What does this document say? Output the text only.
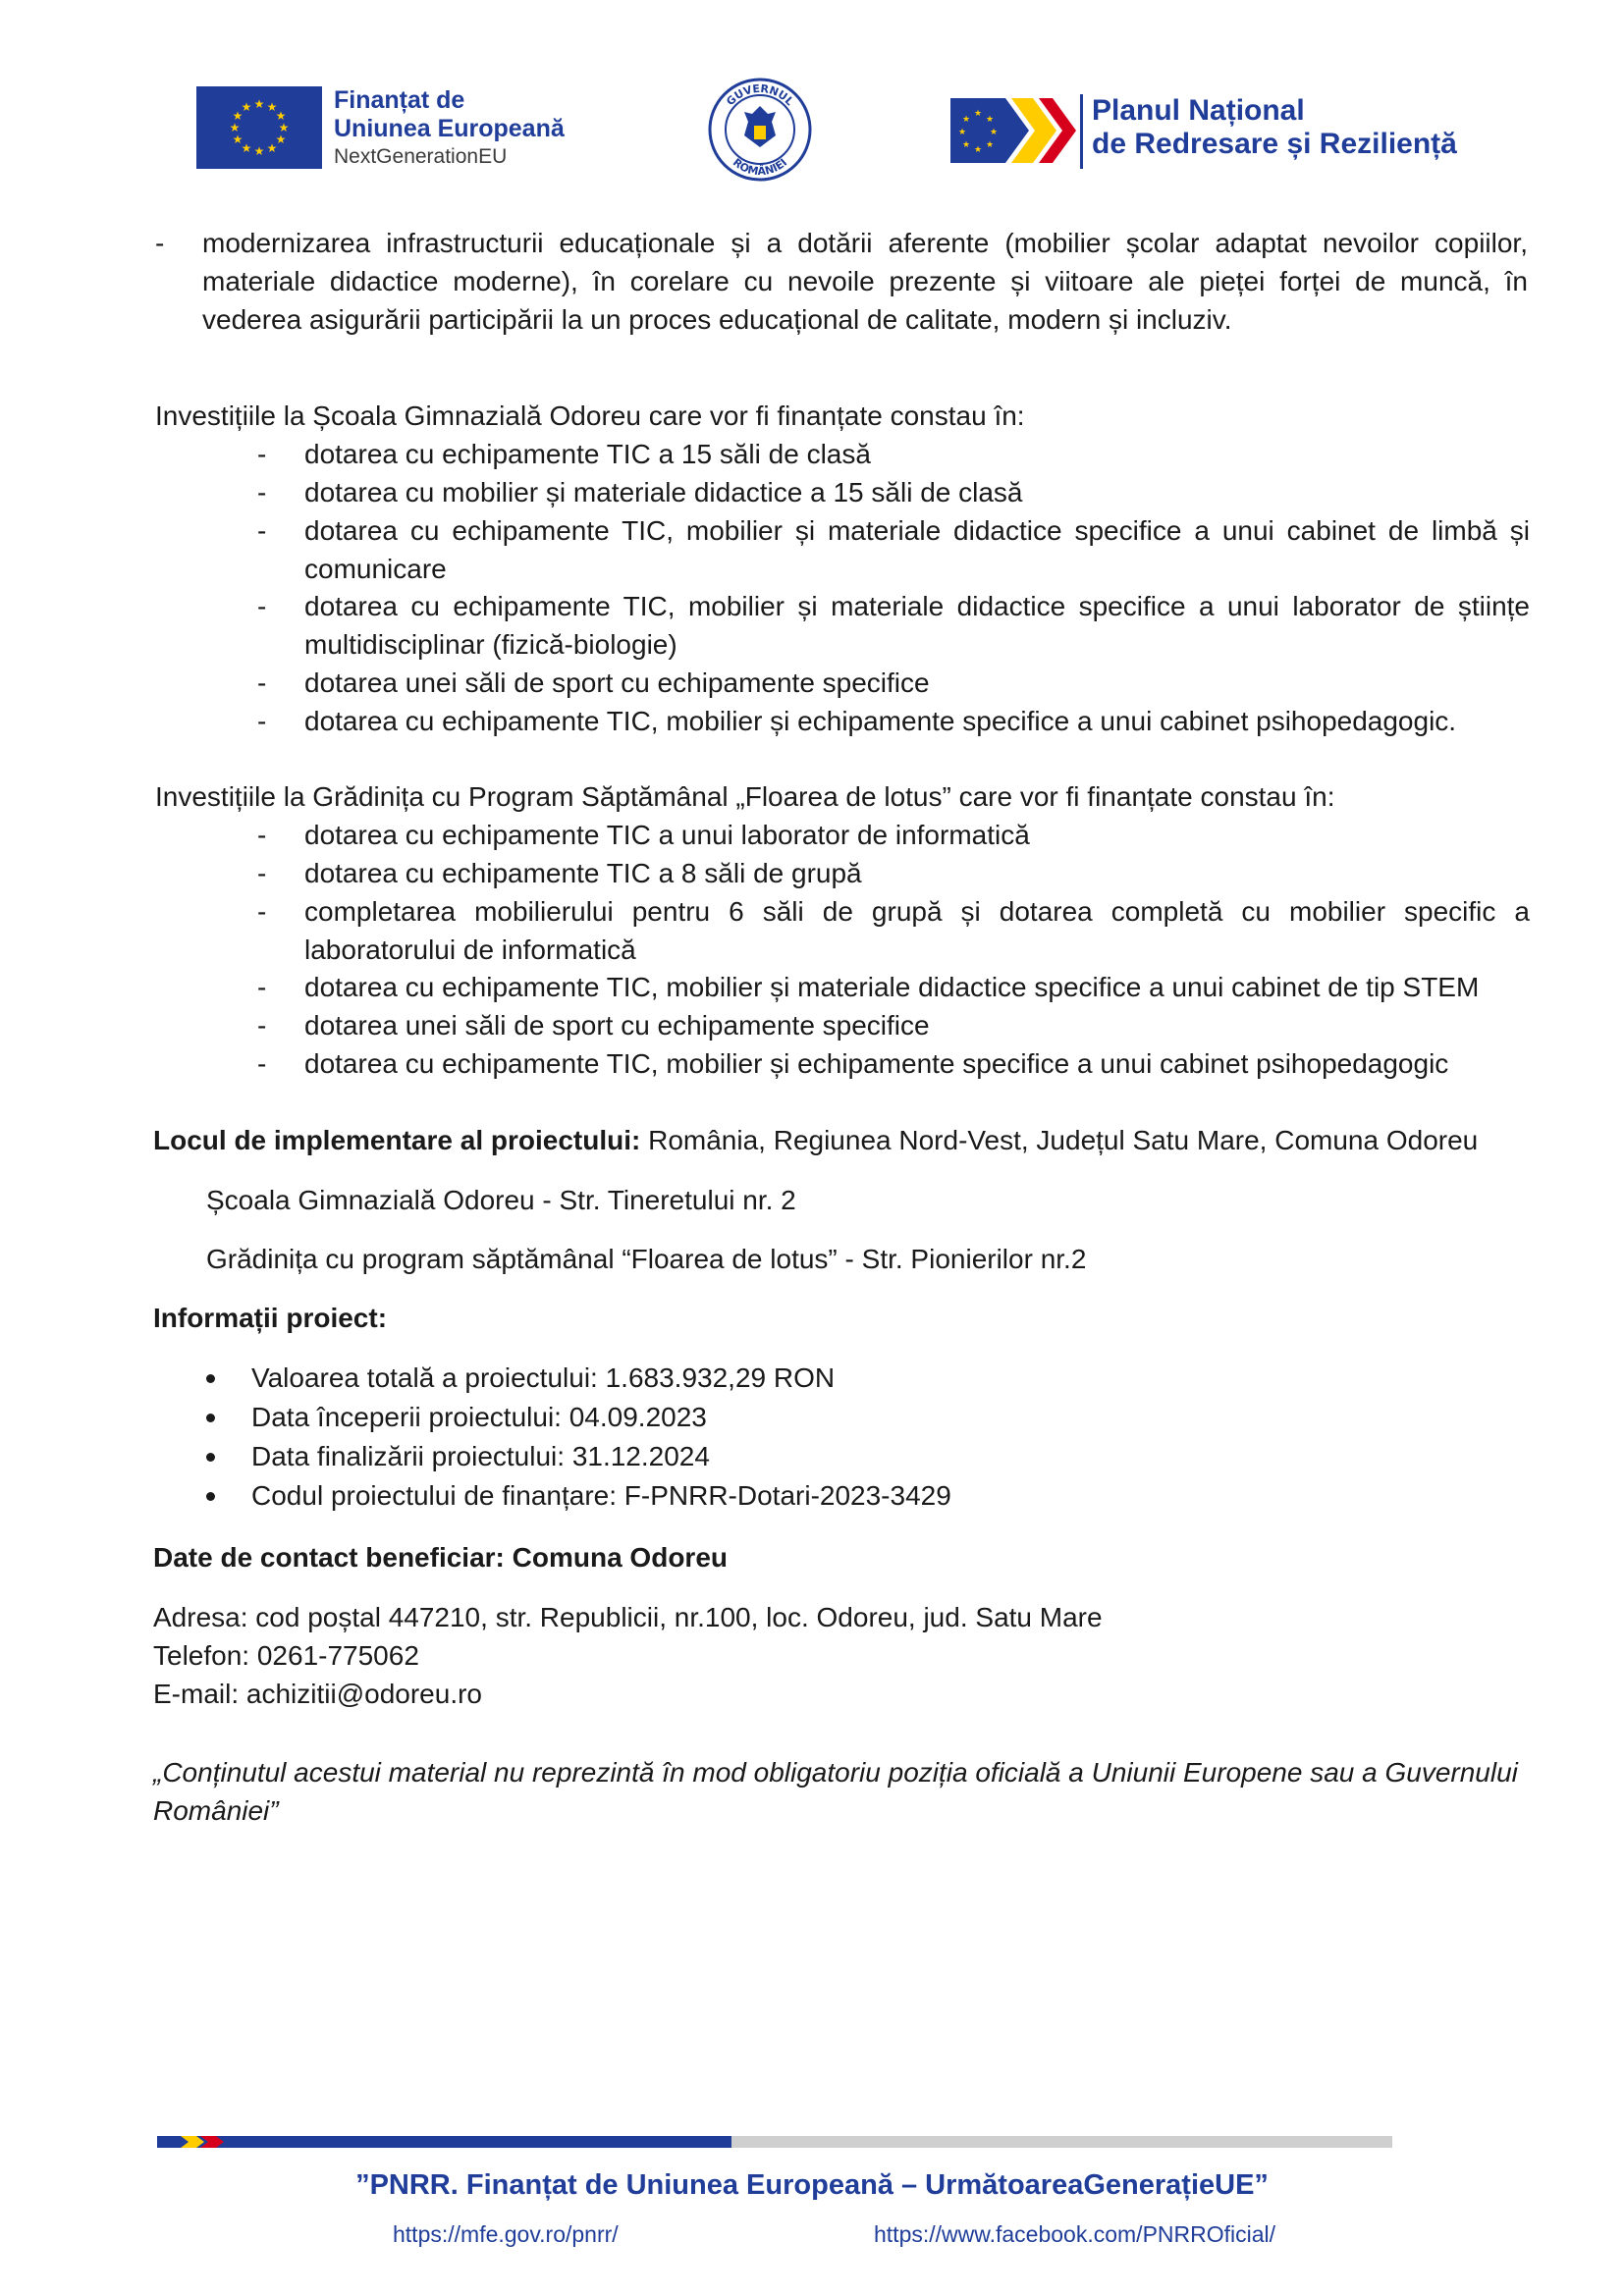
★ ★
★
★
★
★
★
★
★
★
★
★	Finanțat de
Uniunea Europeană
NextGenerationEU
GUVERNUL
ROMÂNIEI
★
★
★
★
★
★
★
★	Planul Național
de Redresare și Reziliență
- modernizarea infrastructurii educaționale și a dotării aferente (mobilier școlar adaptat nevoilor copiilor, materiale didactice moderne), în corelare cu nevoile prezente și viitoare ale pieței forței de muncă, în vederea asigurării participării la un proces educațional de calitate, modern și incluziv.
Investițiile la Școala Gimnazială Odoreu care vor fi finanțate constau în:
- dotarea cu echipamente TIC a 15 săli de clasă
- dotarea cu mobilier și materiale didactice a 15 săli de clasă
- dotarea cu echipamente TIC, mobilier și materiale didactice specifice a unui cabinet de limbă și comunicare
- dotarea cu echipamente TIC, mobilier și materiale didactice specifice a unui laborator de științe multidisciplinar (fizică-biologie)
- dotarea unei săli de sport cu echipamente specifice
- dotarea cu echipamente TIC, mobilier și echipamente specifice a unui cabinet psihopedagogic.
Investițiile la Grădinița cu Program Săptămânal „Floarea de lotus” care vor fi finanțate constau în:
- dotarea cu echipamente TIC a unui laborator de informatică
- dotarea cu echipamente TIC a 8 săli de grupă
- completarea mobilierului pentru 6 săli de grupă și dotarea completă cu mobilier specific a laboratorului de informatică
- dotarea cu echipamente TIC, mobilier și materiale didactice specifice a unui cabinet de tip STEM
- dotarea unei săli de sport cu echipamente specifice
- dotarea cu echipamente TIC, mobilier și echipamente specifice a unui cabinet psihopedagogic
Locul de implementare al proiectului: România, Regiunea Nord-Vest, Județul Satu Mare, Comuna Odoreu
Școala Gimnazială Odoreu - Str. Tineretului nr. 2
Grădinița cu program săptămânal “Floarea de lotus” - Str. Pionierilor nr.2
Informații proiect:
Valoarea totală a proiectului: 1.683.932,29 RON
Data începerii proiectului: 04.09.2023
Data finalizării proiectului: 31.12.2024
Codul proiectului de finanțare: F-PNRR-Dotari-2023-3429
Date de contact beneficiar: Comuna Odoreu
Adresa: cod poștal 447210, str. Republicii, nr.100, loc. Odoreu, jud. Satu Mare
Telefon: 0261-775062
E-mail: achizitii@odoreu.ro
„Conținutul acestui material nu reprezintă în mod obligatoriu poziția oficială a Uniunii Europene sau a Guvernului
României”
”PNRR. Finanțat de Uniunea Europeană – UrmătoareaGenerațieUE”
https://mfe.gov.ro/pnrr/	https://www.facebook.com/PNRROficial/
